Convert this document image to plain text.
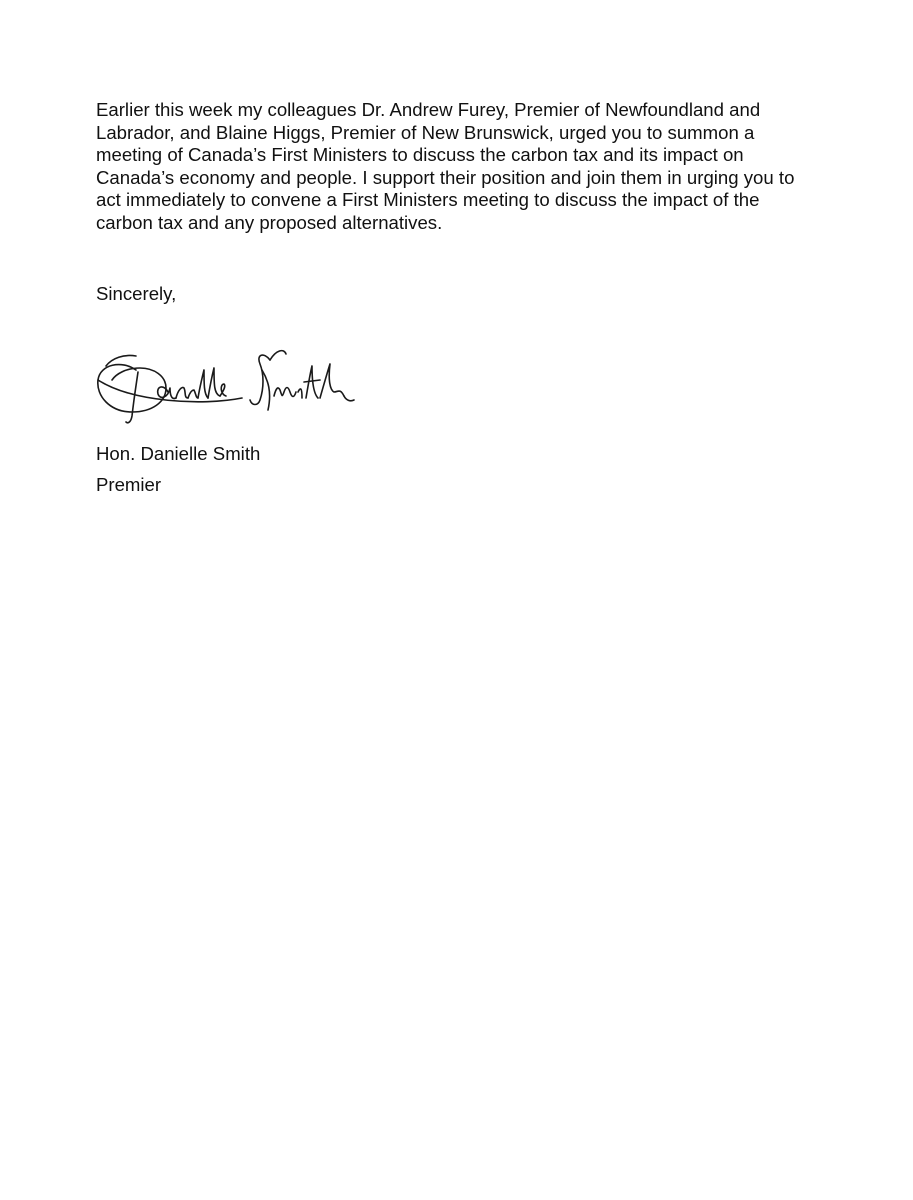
Earlier this week my colleagues Dr. Andrew Furey, Premier of Newfoundland and
Labrador, and Blaine Higgs, Premier of New Brunswick, urged you to summon a
meeting of Canada’s First Ministers to discuss the carbon tax and its impact on
Canada’s economy and people. I support their position and join them in urging you to
act immediately to convene a First Ministers meeting to discuss the impact of the
carbon tax and any proposed alternatives.
Sincerely,
Hon. Danielle Smith
Premier
